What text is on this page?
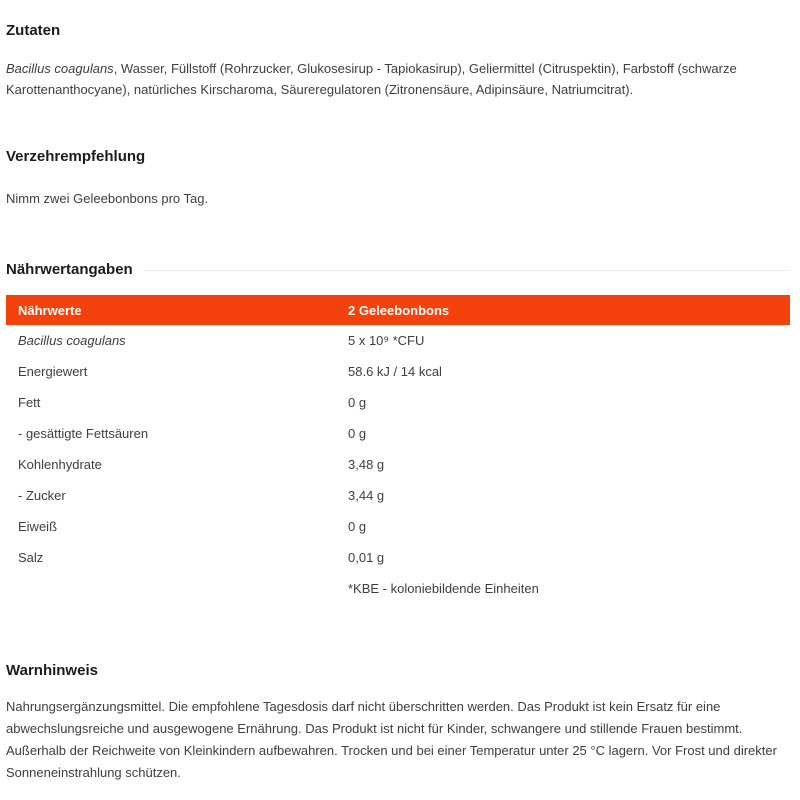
Zutaten

Bacillus coagulans, Wasser, Füllstoff (Rohrzucker, Glukosesirup - Tapiokasirup), Geliermittel (Citruspektin), Farbstoff (schwarze Karottenanthocyane), natürliches Kirscharoma, Säureregulatoren (Zitronensäure, Adipinsäure, Natriumcitrat).

Verzehrempfehlung

Nimm zwei Geleebonbons pro Tag.

Nährwertangaben
Nährwerte	2 Geleebonbons
Bacillus coagulans	5 x 10⁹ *CFU
Energiewert	58.6 kJ / 14 kcal
Fett	0 g
- gesättigte Fettsäuren	0 g
Kohlenhydrate	3,48 g
- Zucker	3,44 g
Eiweiß	0 g
Salz	0,01 g
*KBE - koloniebildende Einheiten
Warnhinweis

Nahrungsergänzungsmittel. Die empfohlene Tagesdosis darf nicht überschritten werden. Das Produkt ist kein Ersatz für eine abwechslungsreiche und ausgewogene Ernährung. Das Produkt ist nicht für Kinder, schwangere und stillende Frauen bestimmt. Außerhalb der Reichweite von Kleinkindern aufbewahren. Trocken und bei einer Temperatur unter 25 °C lagern. Vor Frost und direkter Sonneneinstrahlung schützen.
